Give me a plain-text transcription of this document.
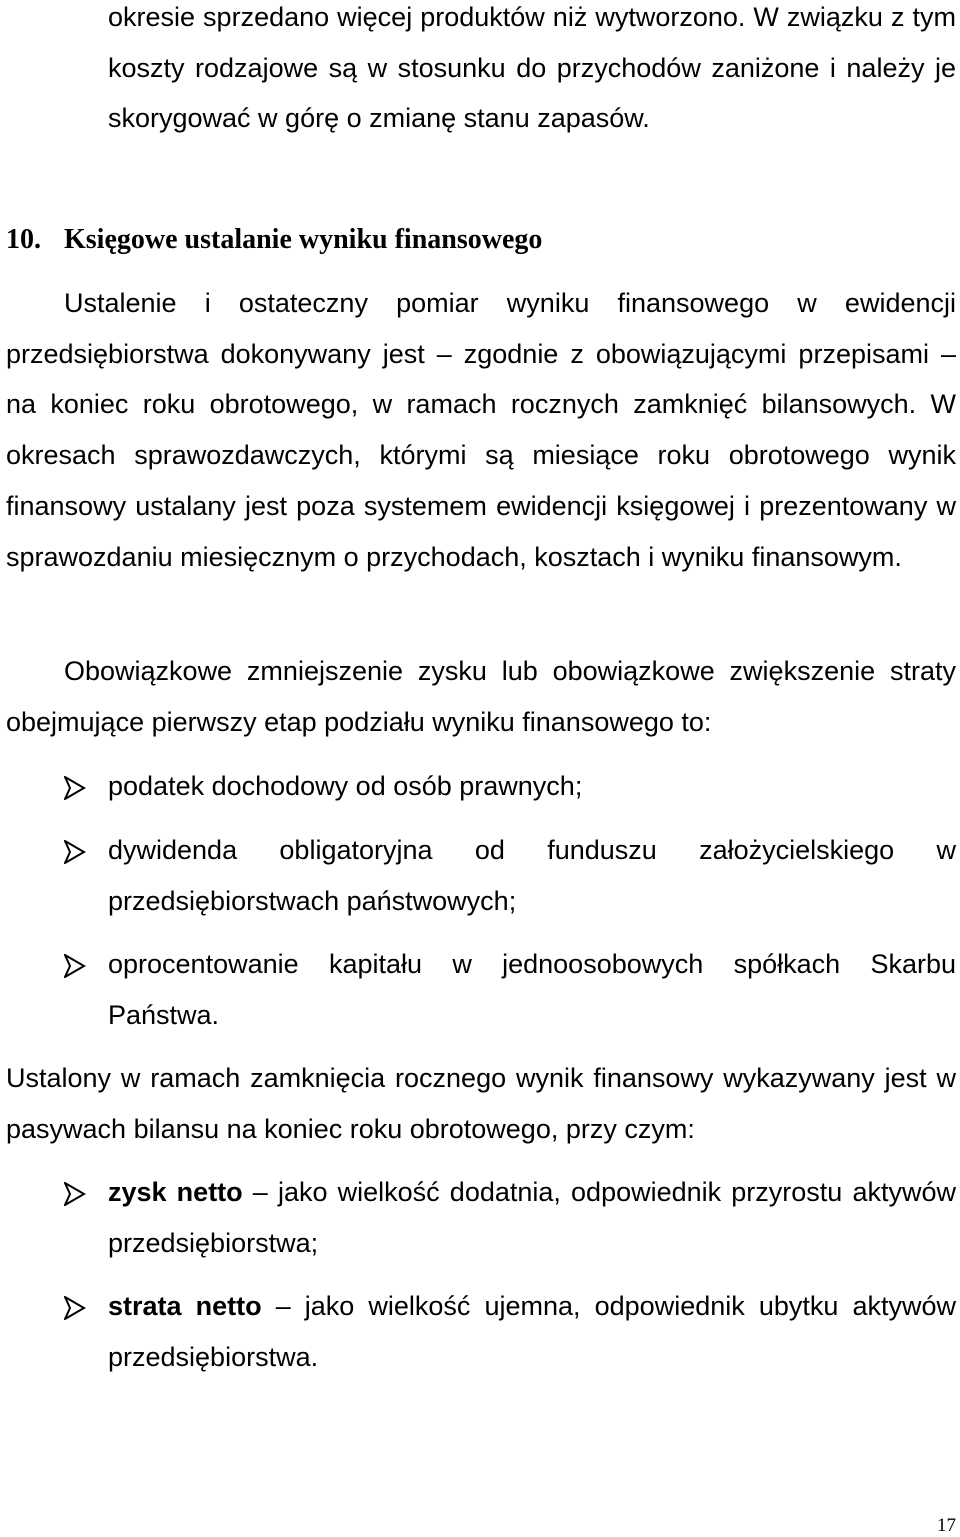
okresie sprzedano więcej produktów niż wytworzono. W związku z tym koszty rodzajowe są w stosunku do przychodów zaniżone i należy je skorygować w górę o zmianę stanu zapasów.

10. Księgowe ustalanie wyniku finansowego

Ustalenie i ostateczny pomiar wyniku finansowego w ewidencji przedsiębiorstwa dokonywany jest – zgodnie z obowiązującymi przepisami – na koniec roku obrotowego, w ramach rocznych zamknięć bilansowych. W okresach sprawozdawczych, którymi są miesiące roku obrotowego wynik finansowy ustalany jest poza systemem ewidencji księgowej i prezentowany w sprawozdaniu miesięcznym o przychodach, kosztach i wyniku finansowym.

Obowiązkowe zmniejszenie zysku lub obowiązkowe zwiększenie straty obejmujące pierwszy etap podziału wyniku finansowego to:

podatek dochodowy od osób prawnych;

dywidenda obligatoryjna od funduszu założycielskiego w przedsiębiorstwach państwowych;

oprocentowanie kapitału w jednoosobowych spółkach Skarbu Państwa.

Ustalony w ramach zamknięcia rocznego wynik finansowy wykazywany jest w pasywach bilansu na koniec roku obrotowego, przy czym:

zysk netto – jako wielkość dodatnia, odpowiednik przyrostu aktywów przedsiębiorstwa;

strata netto – jako wielkość ujemna, odpowiednik ubytku aktywów przedsiębiorstwa.

17
